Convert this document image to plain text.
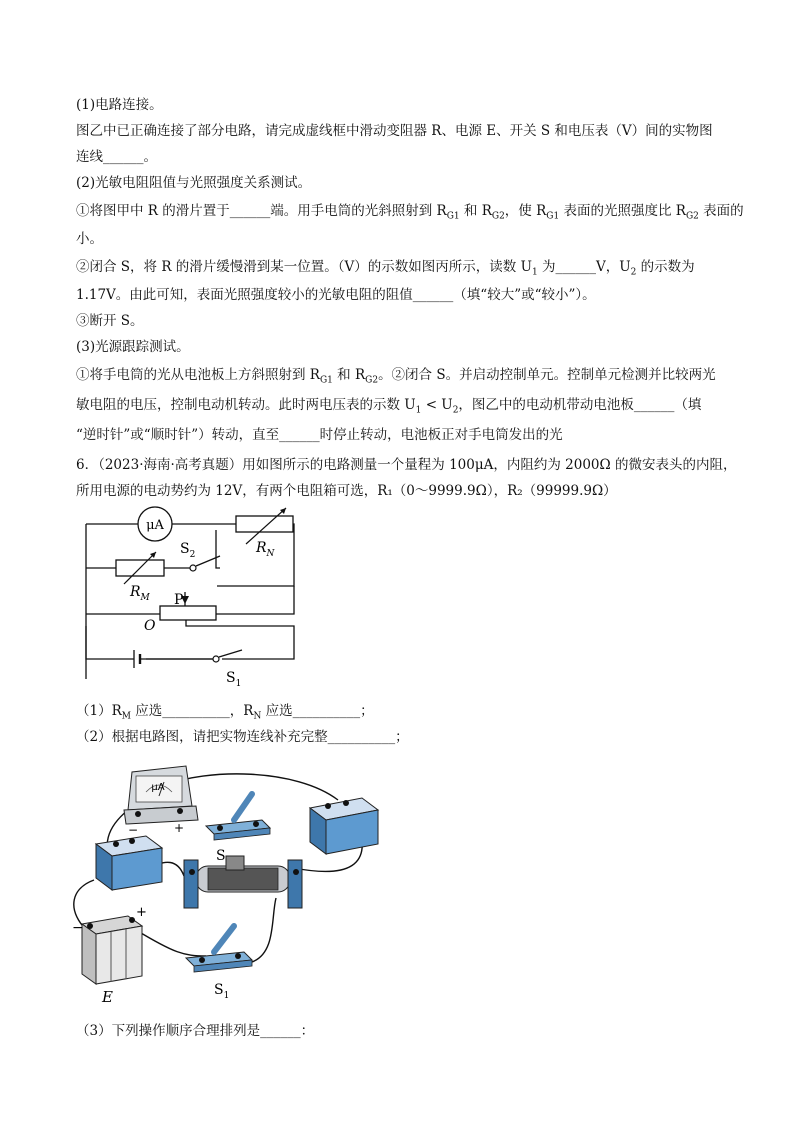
(1)电路连接。
图乙中已正确连接了部分电路，请完成虚线框中滑动变阻器 R、电源 E、开关 S 和电压表（V）间的实物图
连线______。
(2)光敏电阻阻值与光照强度关系测试。
①将图甲中 R 的滑片置于______端。用手电筒的光斜照射到 $R_{G1}$ 和 $R_{G2}$，使 $R_{G1}$ 表面的光照强度比 $R_{G2}$ 表面的
小。
②闭合 S，将 R 的滑片缓慢滑到某一位置。（V）的示数如图丙所示，读数 $U_1$ 为______V，$U_2$ 的示数为
1.17V。由此可知，表面光照强度较小的光敏电阻的阻值______（填“较大”或“较小”）。
③断开 S。
(3)光源跟踪测试。
①将手电筒的光从电池板上方斜照射到 $R_{G1}$ 和 $R_{G2}$。②闭合 S。并启动控制单元。控制单元检测并比较两光
敏电阻的电压，控制电动机转动。此时两电压表的示数 $U_1 < U_2$，图乙中的电动机带动电池板______（填
“逆时针”或“顺时针”）转动，直至______时停止转动，电池板正对手电筒发出的光
6．（2023·海南·高考真题）用如图所示的电路测量一个量程为 100μA，内阻约为 2000Ω 的微安表头的内阻，
所用电源的电动势约为 12V，有两个电阻箱可选，R₁（0～9999.9Ω），R₂（99999.9Ω）
μA
$S_2$	$R_N$
$R_M$ P
O
$S_1$
$(1)R_M$ 应选__________，$R_N$ 应选__________；
（2）根据电路图，请把实物连线补充完整__________；
μA
−	+
S
−
+
E	$S_1$
（3）下列操作顺序合理排列是______：
